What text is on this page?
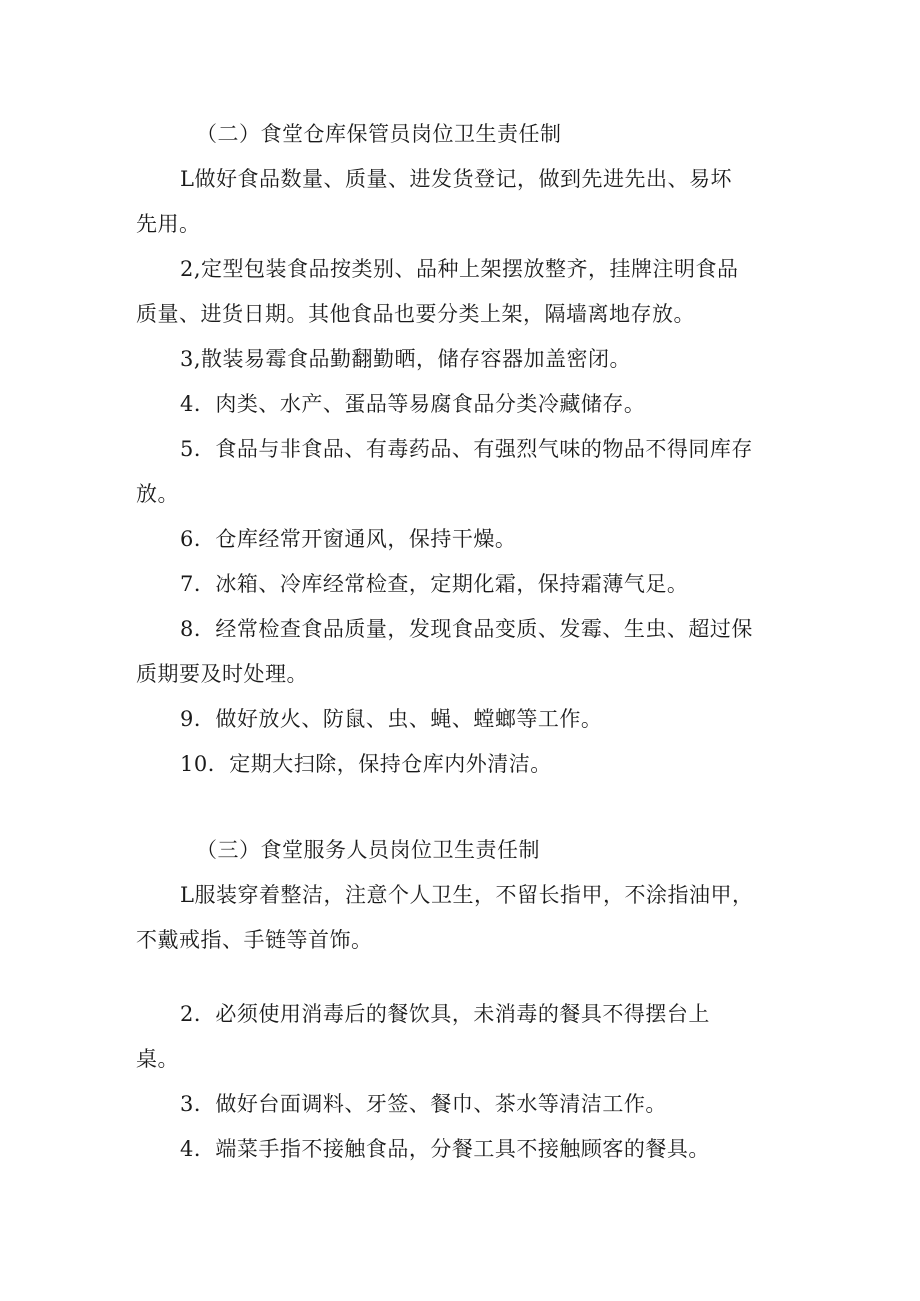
（二）食堂仓库保管员岗位卫生责任制
L做好食品数量、质量、进发货登记，做到先进先出、易坏
先用。
2,定型包装食品按类别、品种上架摆放整齐，挂牌注明食品
质量、进货日期。其他食品也要分类上架，隔墙离地存放。
3,散装易霉食品勤翻勤晒，储存容器加盖密闭。
4．肉类、水产、蛋品等易腐食品分类冷藏储存。
5．食品与非食品、有毒药品、有强烈气味的物品不得同库存
放。
6．仓库经常开窗通风，保持干燥。
7．冰箱、冷库经常检查，定期化霜，保持霜薄气足。
8．经常检查食品质量，发现食品变质、发霉、生虫、超过保
质期要及时处理。
9．做好放火、防鼠、虫、蝇、螳螂等工作。
10．定期大扫除，保持仓库内外清洁。
（三）食堂服务人员岗位卫生责任制
L服装穿着整洁，注意个人卫生，不留长指甲，不涂指油甲，
不戴戒指、手链等首饰。
2．必须使用消毒后的餐饮具，未消毒的餐具不得摆台上
桌。
3．做好台面调料、牙签、餐巾、茶水等清洁工作。
4．端菜手指不接触食品，分餐工具不接触顾客的餐具。
